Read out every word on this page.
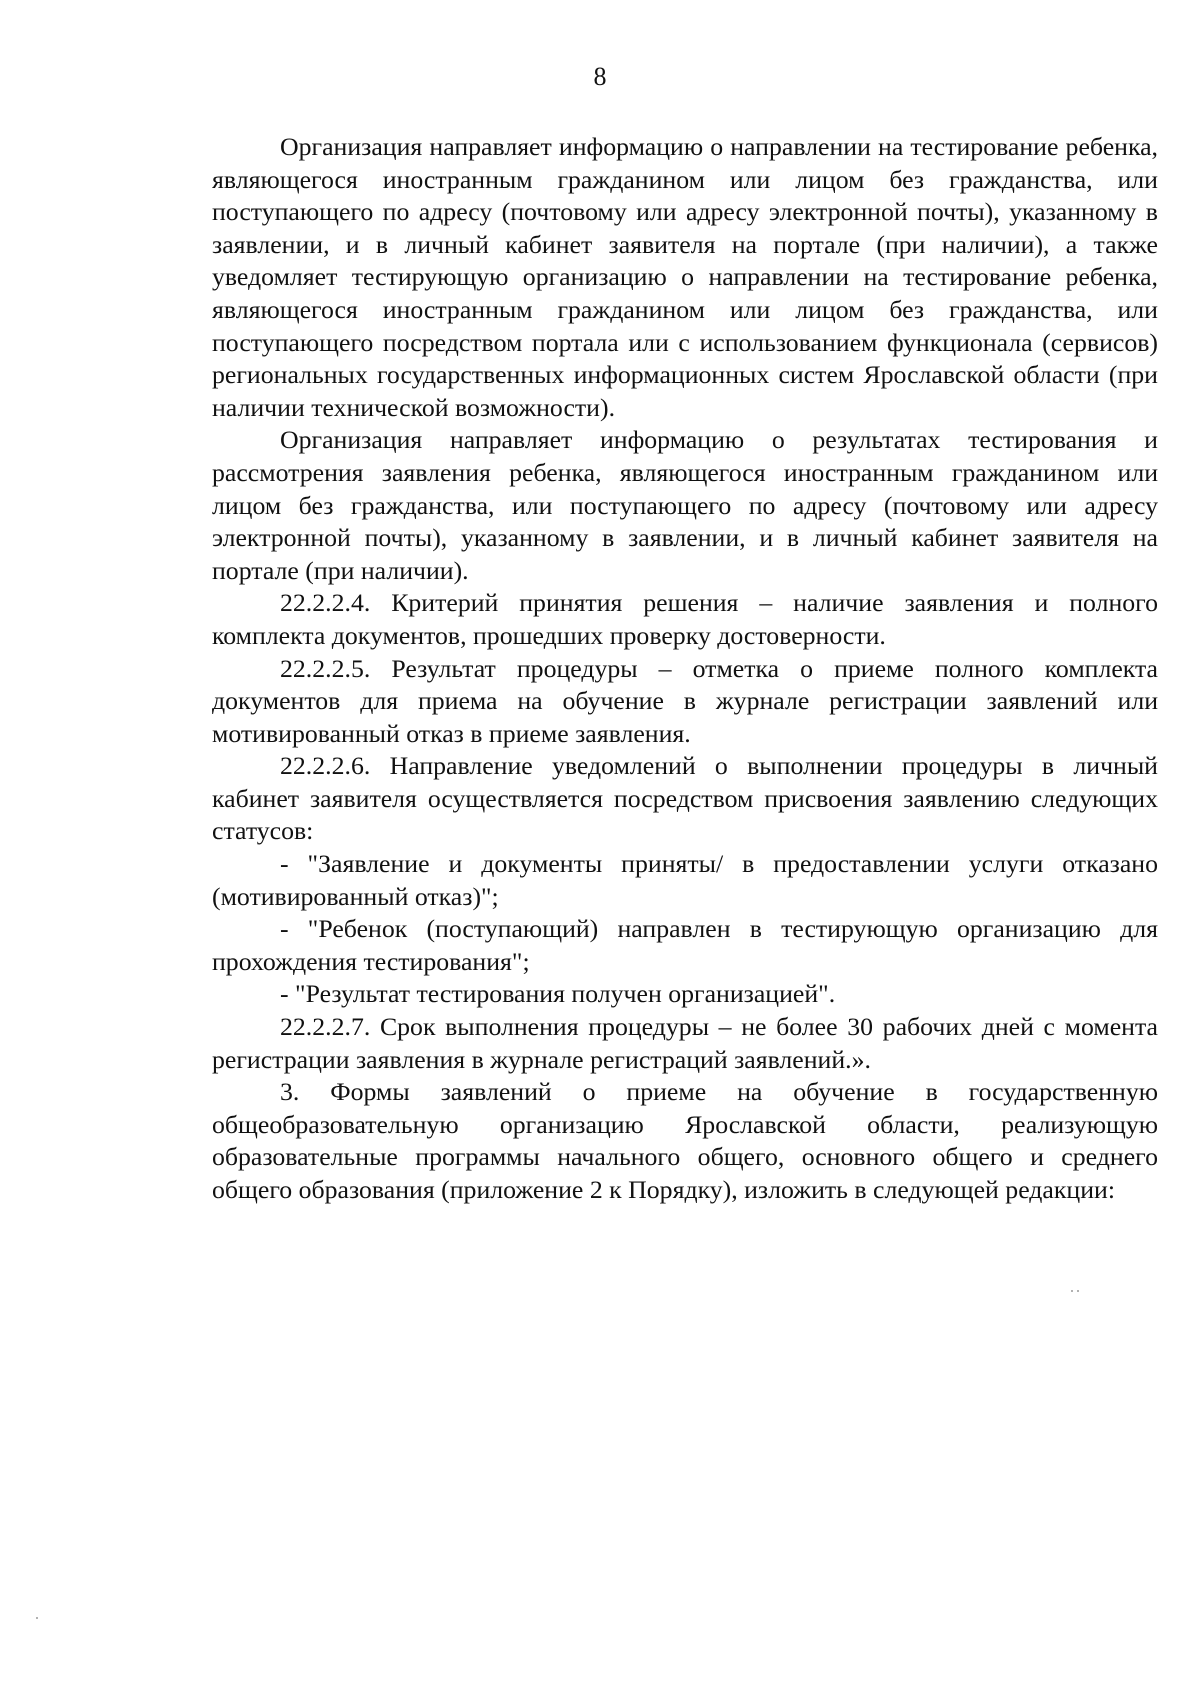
8

Организация направляет информацию о направлении на тестирование ребенка, являющегося иностранным гражданином или лицом без гражданства, или поступающего по адресу (почтовому или адресу электронной почты), указанному в заявлении, и в личный кабинет заявителя на портале (при наличии), а также уведомляет тестирующую организацию о направлении на тестирование ребенка, являющегося иностранным гражданином или лицом без гражданства, или поступающего посредством портала или с использованием функционала (сервисов) региональных государственных информационных систем Ярославской области (при наличии технической возможности).

Организация направляет информацию о результатах тестирования и рассмотрения заявления ребенка, являющегося иностранным гражданином или лицом без гражданства, или поступающего по адресу (почтовому или адресу электронной почты), указанному в заявлении, и в личный кабинет заявителя на портале (при наличии).

22.2.2.4. Критерий принятия решения – наличие заявления и полного комплекта документов, прошедших проверку достоверности.

22.2.2.5. Результат процедуры – отметка о приеме полного комплекта документов для приема на обучение в журнале регистрации заявлений или мотивированный отказ в приеме заявления.

22.2.2.6. Направление уведомлений о выполнении процедуры в личный кабинет заявителя осуществляется посредством присвоения заявлению следующих статусов:

- "Заявление и документы приняты/ в предоставлении услуги отказано (мотивированный отказ)";

- "Ребенок (поступающий) направлен в тестирующую организацию для прохождения тестирования";

- "Результат тестирования получен организацией".

22.2.2.7. Срок выполнения процедуры – не более 30 рабочих дней с момента регистрации заявления в журнале регистраций заявлений.».

3. Формы заявлений о приеме на обучение в государственную общеобразовательную организацию Ярославской области, реализующую образовательные программы начального общего, основного общего и среднего общего образования (приложение 2 к Порядку), изложить в следующей редакции:
